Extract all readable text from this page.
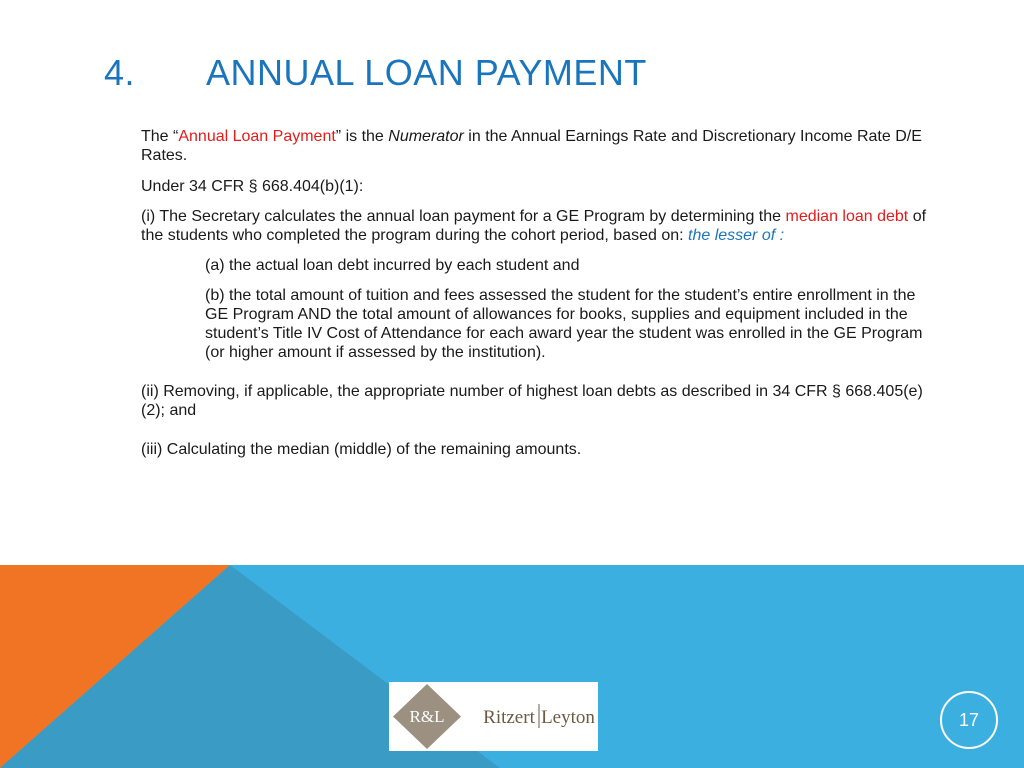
4. ANNUAL LOAN PAYMENT

The “Annual Loan Payment” is the Numerator in the Annual Earnings Rate and Discretionary Income Rate D/E Rates.

Under 34 CFR § 668.404(b)(1):

(i) The Secretary calculates the annual loan payment for a GE Program by determining the median loan debt of the students who completed the program during the cohort period, based on: the lesser of :

(a) the actual loan debt incurred by each student and

(b) the total amount of tuition and fees assessed the student for the student’s entire enrollment in the GE Program AND the total amount of allowances for books, supplies and equipment included in the student’s Title IV Cost of Attendance for each award year the student was enrolled in the GE Program (or higher amount if assessed by the institution).

(ii) Removing, if applicable, the appropriate number of highest loan debts as described in 34 CFR § 668.405(e)(2); and

(iii) Calculating the median (middle) of the remaining amounts.

R&L Ritzert Leyton	17
